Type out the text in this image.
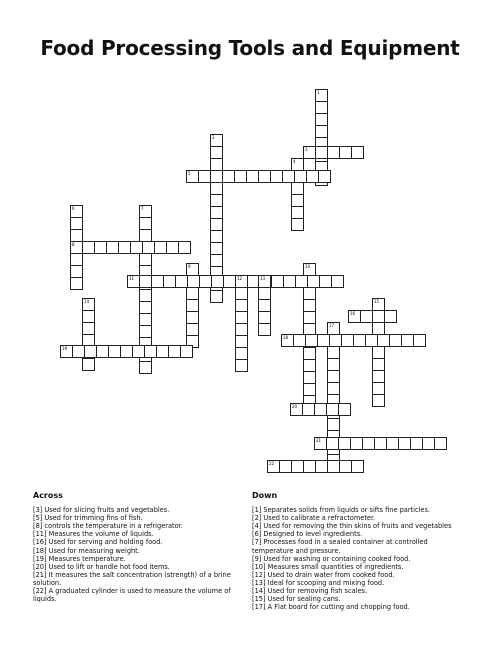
Food Processing Tools and Equipment
1
2
3
4
5
6
8
7
9	10
11	12	13
14	15
16
17
18
19
20
21
22
Across

[3] Used for slicing fruits and vegetables.

[5] Used for trimming fins of fish.

[8] controls the temperature in a refrigerator.

[11] Measures the volume of liquids.

[16] Used for serving and holding food.

[18] Used for measuring weight.

[19] Measures temperature.

[20] Used to lift or handle hot food items.

[21] It measures the salt concentration (strength) of a brine solution.

[22] A graduated cylinder is used to measure the volume of liquids.

Down

[1] Separates solids from liquids or sifts fine particles.

[2] Used to calibrate a refractometer.

[4] Used for removing the thin skins of fruits and vegetables

[6] Designed to level ingredients.

[7] Processes food in a sealed container at controlled temperature and pressure.

[9] Used for washing or containing cooked food.

[10] Measures small quantities of ingredients.

[12] Used to drain water from cooked food.

[13] Ideal for scooping and mixing food.

[14] Used for removing fish scales.

[15] Used for sealing cans.

[17] A Flat board for cutting and chopping food.
